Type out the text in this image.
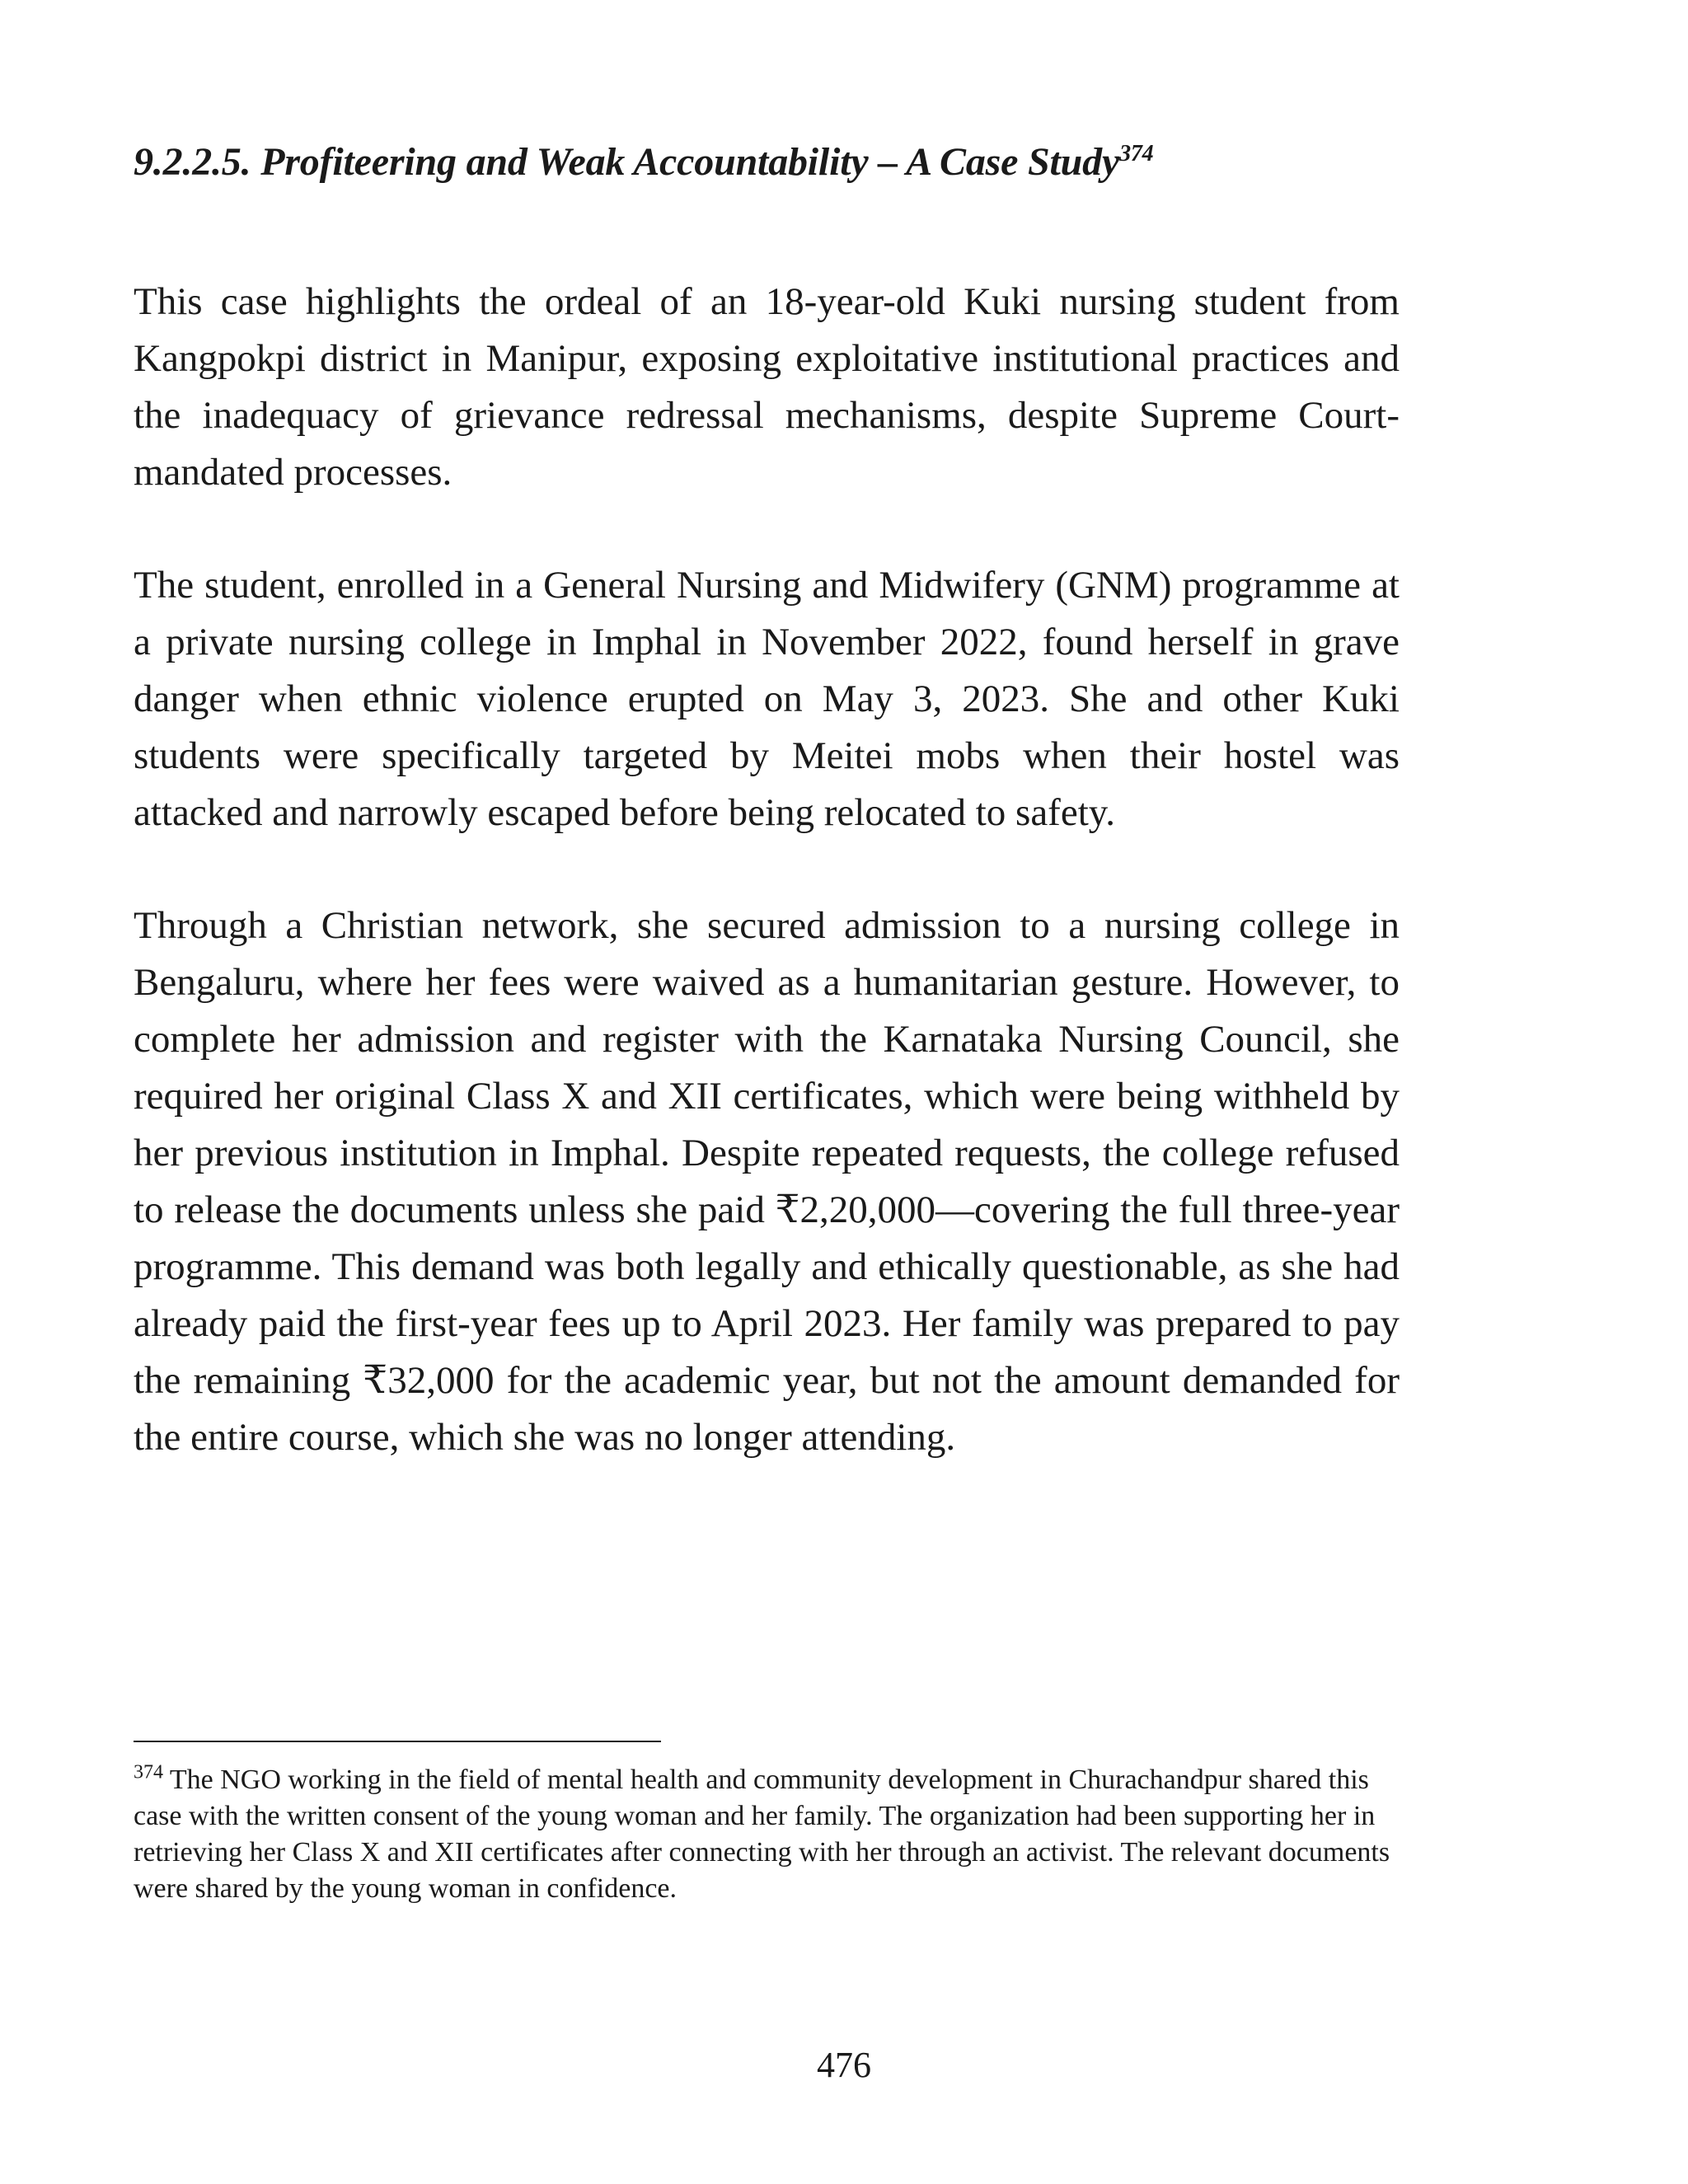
9.2.2.5. Profiteering and Weak Accountability – A Case Study$^{374}$

This case highlights the ordeal of an 18-year-old Kuki nursing student from Kangpokpi district in Manipur, exposing exploitative institutional practices and the inadequacy of grievance redressal mechanisms, despite Supreme Court-mandated processes.

The student, enrolled in a General Nursing and Midwifery (GNM) programme at a private nursing college in Imphal in November 2022, found herself in grave danger when ethnic violence erupted on May 3, 2023. She and other Kuki students were specifically targeted by Meitei mobs when their hostel was attacked and narrowly escaped before being relocated to safety.

Through a Christian network, she secured admission to a nursing college in Bengaluru, where her fees were waived as a humanitarian gesture. However, to complete her admission and register with the Karnataka Nursing Council, she required her original Class X and XII certificates, which were being withheld by her previous institution in Imphal. Despite repeated requests, the college refused to release the documents unless she paid ₹2,20,000—covering the full three-year programme. This demand was both legally and ethically questionable, as she had already paid the first-year fees up to April 2023. Her family was prepared to pay the remaining ₹32,000 for the academic year, but not the amount demanded for the entire course, which she was no longer attending.

$^{374}$ The NGO working in the field of mental health and community development in Churachandpur shared this case with the written consent of the young woman and her family. The organization had been supporting her in retrieving her Class X and XII certificates after connecting with her through an activist. The relevant documents were shared by the young woman in confidence.

476
